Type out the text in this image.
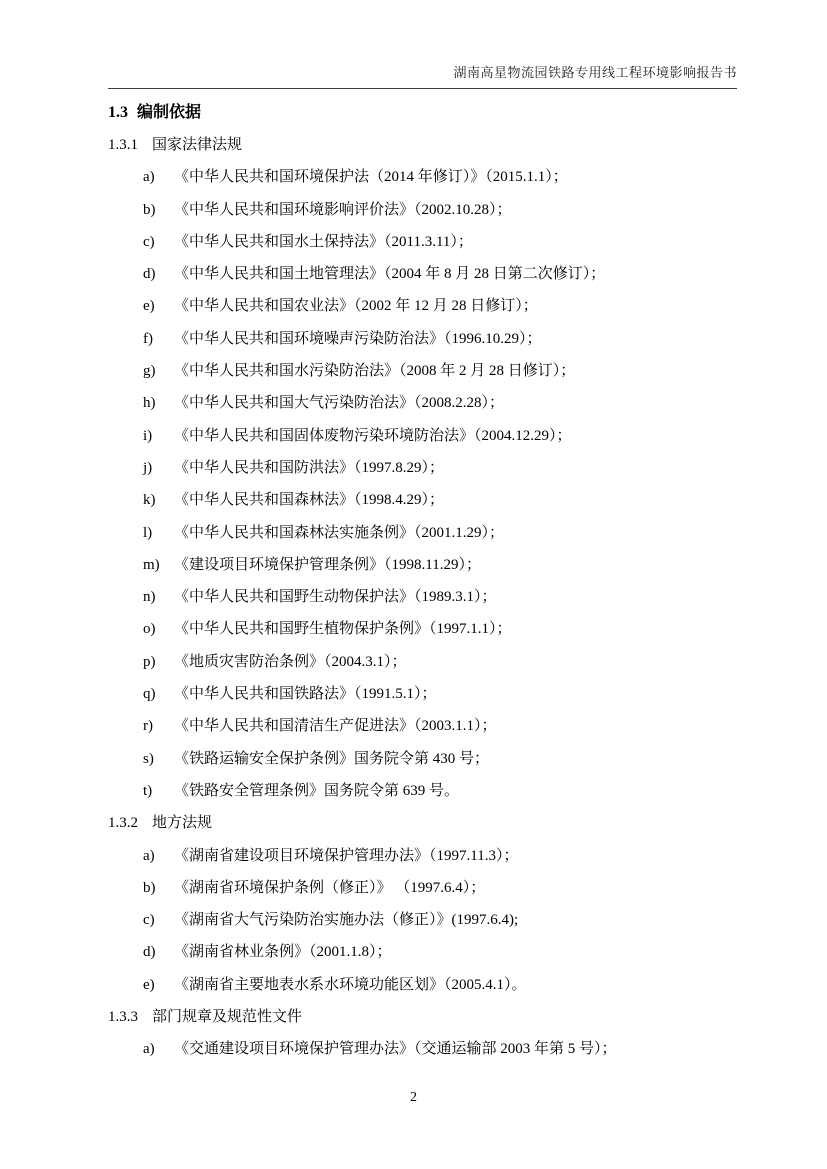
湖南高星物流园铁路专用线工程环境影响报告书
1.3 编制依据
1.3.1 国家法律法规
a)	《中华人民共和国环境保护法（2014 年修订）》（2015.1.1）；
b)	《中华人民共和国环境影响评价法》（2002.10.28）；
c)	《中华人民共和国水土保持法》（2011.3.11）；
d)	《中华人民共和国土地管理法》（2004 年 8 月 28 日第二次修订）；
e)	《中华人民共和国农业法》（2002 年 12 月 28 日修订）；
f)	《中华人民共和国环境噪声污染防治法》（1996.10.29）；
g)	《中华人民共和国水污染防治法》（2008 年 2 月 28 日修订）；
h)	《中华人民共和国大气污染防治法》（2008.2.28）；
i)	《中华人民共和国固体废物污染环境防治法》（2004.12.29）；
j)	《中华人民共和国防洪法》（1997.8.29）；
k)	《中华人民共和国森林法》（1998.4.29）；
l)	《中华人民共和国森林法实施条例》（2001.1.29）；
m) 《建设项目环境保护管理条例》（1998.11.29）；
n)	《中华人民共和国野生动物保护法》（1989.3.1）；
o)	《中华人民共和国野生植物保护条例》（1997.1.1）；
p)	《地质灾害防治条例》（2004.3.1）；
q)	《中华人民共和国铁路法》（1991.5.1）；
r)	《中华人民共和国清洁生产促进法》（2003.1.1）；
s)	《铁路运输安全保护条例》国务院令第 430 号；
t)	《铁路安全管理条例》国务院令第 639 号。
1.3.2 地方法规
a)	《湖南省建设项目环境保护管理办法》（1997.11.3）；
b)	《湖南省环境保护条例（修正）》 （1997.6.4）；
c)	《湖南省大气污染防治实施办法（修正）》(1997.6.4);
d)	《湖南省林业条例》（2001.1.8）；
e)	《湖南省主要地表水系水环境功能区划》（2005.4.1）。
1.3.3 部门规章及规范性文件
a)	《交通建设项目环境保护管理办法》（交通运输部 2003 年第 5 号）；
2
